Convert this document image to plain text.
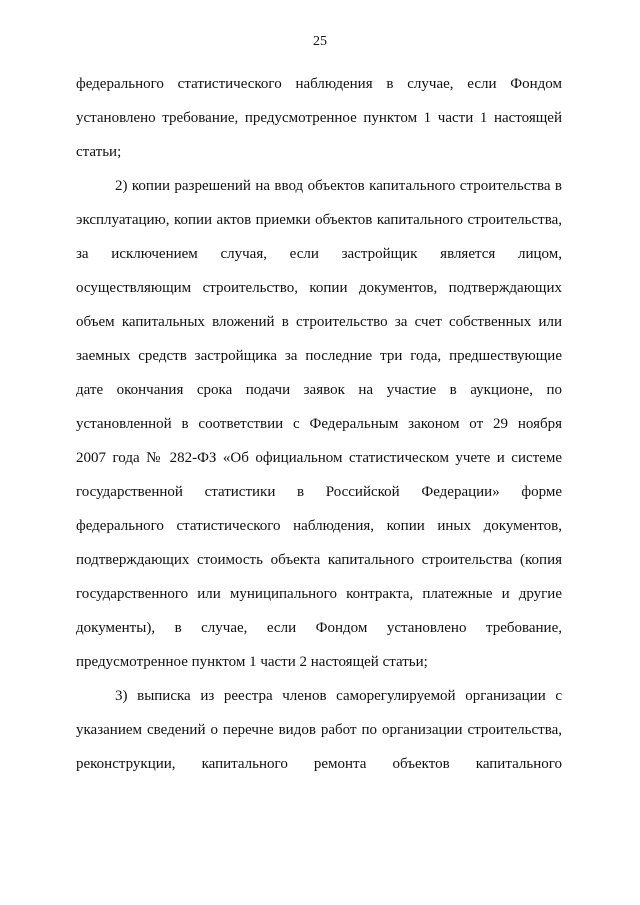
25
федерального статистического наблюдения в случае, если Фондом
установлено требование, предусмотренное пунктом 1 части 1 настоящей
статьи;
2) копии разрешений на ввод объектов капитального строительства в
эксплуатацию, копии актов приемки объектов капитального строительства,
за исключением случая, если застройщик является лицом,
осуществляющим строительство, копии документов, подтверждающих
объем капитальных вложений в строительство за счет собственных или
заемных средств застройщика за последние три года, предшествующие
дате окончания срока подачи заявок на участие в аукционе, по
установленной в соответствии с Федеральным законом от 29 ноября
2007 года № 282-ФЗ «Об официальном статистическом учете и системе
государственной статистики в Российской Федерации» форме
федерального статистического наблюдения, копии иных документов,
подтверждающих стоимость объекта капитального строительства (копия
государственного или муниципального контракта, платежные и другие
документы), в случае, если Фондом установлено требование,
предусмотренное пунктом 1 части 2 настоящей статьи;
3) выписка из реестра членов саморегулируемой организации с
указанием сведений о перечне видов работ по организации строительства,
реконструкции, капитального ремонта объектов капитального
